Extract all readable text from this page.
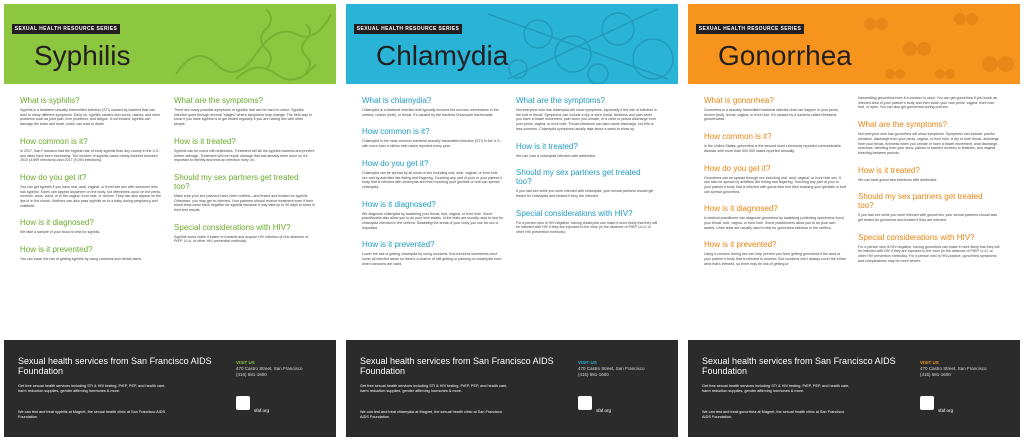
SEXUAL HEALTH RESOURCE SERIES
Syphilis
What is syphilis?
Syphilis is a treatable sexually transmitted infection (STI) caused by bacteria that can lead to many different symptoms. Early on, syphilis causes skin sores, rashes, and other problems such as joint pain, liver problems, and fatigue. If not treated, syphilis can damage the brain and heart, which can lead to death.
How common is it?
In 2017, San Francisco had the highest rate of early syphilis than any county in the U.S., and rates have been increasing. The number of syphilis cases nearly doubled between 2010 (4,599 infections) and 2017 (9,094 infections).
How do you get it?
You can get syphilis if you have oral, anal, vaginal, or front hole sex with someone who has syphilis. Sores can appear anywhere on the body, but oftentimes occur on the penis, scrotum, anus, vulva, or in the vagina, front hole, or rectum. They can also appear on the lips or in the mouth. Mothers can also pass syphilis on to a baby during pregnancy and childbirth.
How is it diagnosed?
We take a sample of your blood to test for syphilis.
How is it prevented?
You can lower the risk of getting syphilis by using condoms and dental dams.
What are the symptoms?
There are many possible symptoms of syphilis that can be hard to notice. Syphilis infection goes through several “stages” where symptoms may change. The best way to know if you have syphilis is to get tested regularly if you are having sex with other people.
How is it treated?
Syphilis can be cured with antibiotics. Treatment will kill the syphilis bacteria and prevent further damage. Treatment will not repair damage that has already been done so it’s important to identify and treat an infection early on.
Should my sex partners get treated too?
Make sure your sex partners have been notified—and tested and treated for syphilis. Otherwise, you may get re-infected. Your partners should receive treatment even if their blood tests come back negative for syphilis because it may take up to 90 days to show in their test results.
Special considerations with HIV?
Syphilis sores make it easier to transmit and acquire HIV infection (in the absence of PrEP, U=U, or other HIV prevention methods).
Sexual health services from San Francisco AIDS Foundation
Get free sexual health services including STI & HIV testing, PrEP, PEP, and health care, harm reduction supplies, gender affirming hormones & more.
We can test and treat syphilis at Magnet, the sexual health clinic at San Francisco AIDS Foundation.
VISIT US
470 Castro Street, San Francisco
(415) 581-1600
sfaf.org
SEXUAL HEALTH RESOURCE SERIES
Chlamydia
What is chlamydia?
Chlamydia is a bacterial infection that typically involves the mucous membranes in the urethra, rectum (butt), or throat. It’s caused by the bacteria Chlamydia trachomatis
How common is it?
Chlamydia is the most common bacterial sexually transmitted infection (STI) in the U.S., with more than a million new cases reported every year.
How do you get it?
Chlamydia can be spread by all kinds of sex including oral, anal, vaginal, or front hole sex and by activities like fisting and fingering. Touching any part of your or your partner’s body that is infected with chlamydia and then touching your genitals or butt can spread chlamydia.
How is it diagnosed?
We diagnose chlamydia by swabbing your throat, butt, vagina, or front hole. Some practitioners also allow you to do your own swabs. Urine tests are usually used to test for chlamydia infection in the urethra. Swabbing the areas of your body you use for sex is important.
How is it prevented?
Lower the risk of getting chlamydia by using condoms. But condoms sometimes don’t cover all infected areas so there’s a chance of still getting or passing on chlamydia even when condoms are used.
What are the symptoms?
Not everyone who has chlamydia will show symptoms, especially if the site of infection is the butt or throat. Symptoms can include a dry or sore throat, itchiness and pain when you have a bowel movement, pain when you urinate, or a clear or yellow discharge from your penis, vagina, or front hole. Throat infections can also cause discharge, but this is less common. Chlamydia symptoms usually take about a week to show up.
How is it treated?
We can cure a chlamydia infection with antibiotics.
Should my sex partners get treated too?
If you had sex while you were infected with chlamydia, your sexual partners should get tested for chlamydia and treated if they are infected.
Special considerations with HIV?
For a person who is HIV-negative, having chlamydia can make it more likely that they will be infected with HIV if they are exposed to the virus (in the absence of PrEP, U=U, or other HIV prevention methods).
Sexual health services from San Francisco AIDS Foundation
Get free sexual health services including STI & HIV testing, PrEP, PEP, and health care, harm reduction supplies, gender affirming hormones & more.
We can test and treat chlamydia at Magnet, the sexual health clinic at San Francisco AIDS Foundation.
VISIT US
470 Castro Street, San Francisco
(415) 581-1600
sfaf.org
SEXUAL HEALTH RESOURCE SERIES
Gonorrhea
What is gonorrhea?
Gonorrhea is a sexually transmitted bacterial infection that can happen in your penis, rectum (butt), throat, vagina, or front hole. It’s caused by a bacteria called Neisseria gonorrhoeae.
How common is it?
In the United States, gonorrhea is the second most commonly reported communicable disease with more than 500,000 cases reported annually.
How do you get it?
Gonorrhea can be spread through sex including oral, anal, vaginal, or front hole sex. It can also be spread by activities like fisting and fingering. Touching any part of your or your partner’s body that is infected with gonorrhea and then touching your genitals or butt can spread gonorrhea.
How is it diagnosed?
A medical practitioner can diagnose gonorrhea by swabbing (collecting specimens from) your throat, butt, vagina, or front hole. Some practitioners allow you to do your own swabs. Urine tests are usually used to test for gonorrhea infection in the urethra.
How is it prevented?
Using a condom during sex can help prevent you from getting gonorrhea if the area of your partner’s body that is infected is covered. But condoms don’t always cover the entire area that’s infected, so there may be risk of getting or
transmitting gonorrhea even if a condom is used. You can get gonorrhea if you touch an infected area of your partner’s body and then touch your own penis, vagina, front hole, butt, or eyes. You can also get gonorrhea during oral sex.
What are the symptoms?
Not everyone who has gonorrhea will show symptoms. Symptoms can include: painful urination, discharge from your penis, vagina, or front hole, a dry or sore throat, discharge from your throat, itchiness when you urinate or have a bowel movement, anal discharge, soreness, bleeding from your anus, painful or swollen scrotum or testicles, and vaginal bleeding between periods.
How is it treated?
We can treat gonorrhea infections with antibiotics.
Should my sex partners get treated too?
If you had sex while you were infected with gonorrhea, your sexual partners should also get tested for gonorrhea and treated if they are infected.
Special considerations with HIV?
For a person who is HIV-negative, having gonorrhea can make it more likely that they will be infected with HIV if they are exposed to the virus (in the absence of PrEP, U=U, or other HIV prevention methods). For a person who is HIV-positive, gonorrhea symptoms and complications may be more severe.
Sexual health services from San Francisco AIDS Foundation
Get free sexual health services including STI & HIV testing, PrEP, PEP, and health care, harm reduction supplies, gender affirming hormones & more.
We can test and treat gonorrhea at Magnet, the sexual health clinic at San Francisco AIDS Foundation.
VISIT US
470 Castro Street, San Francisco
(415) 581-1600
sfaf.org
